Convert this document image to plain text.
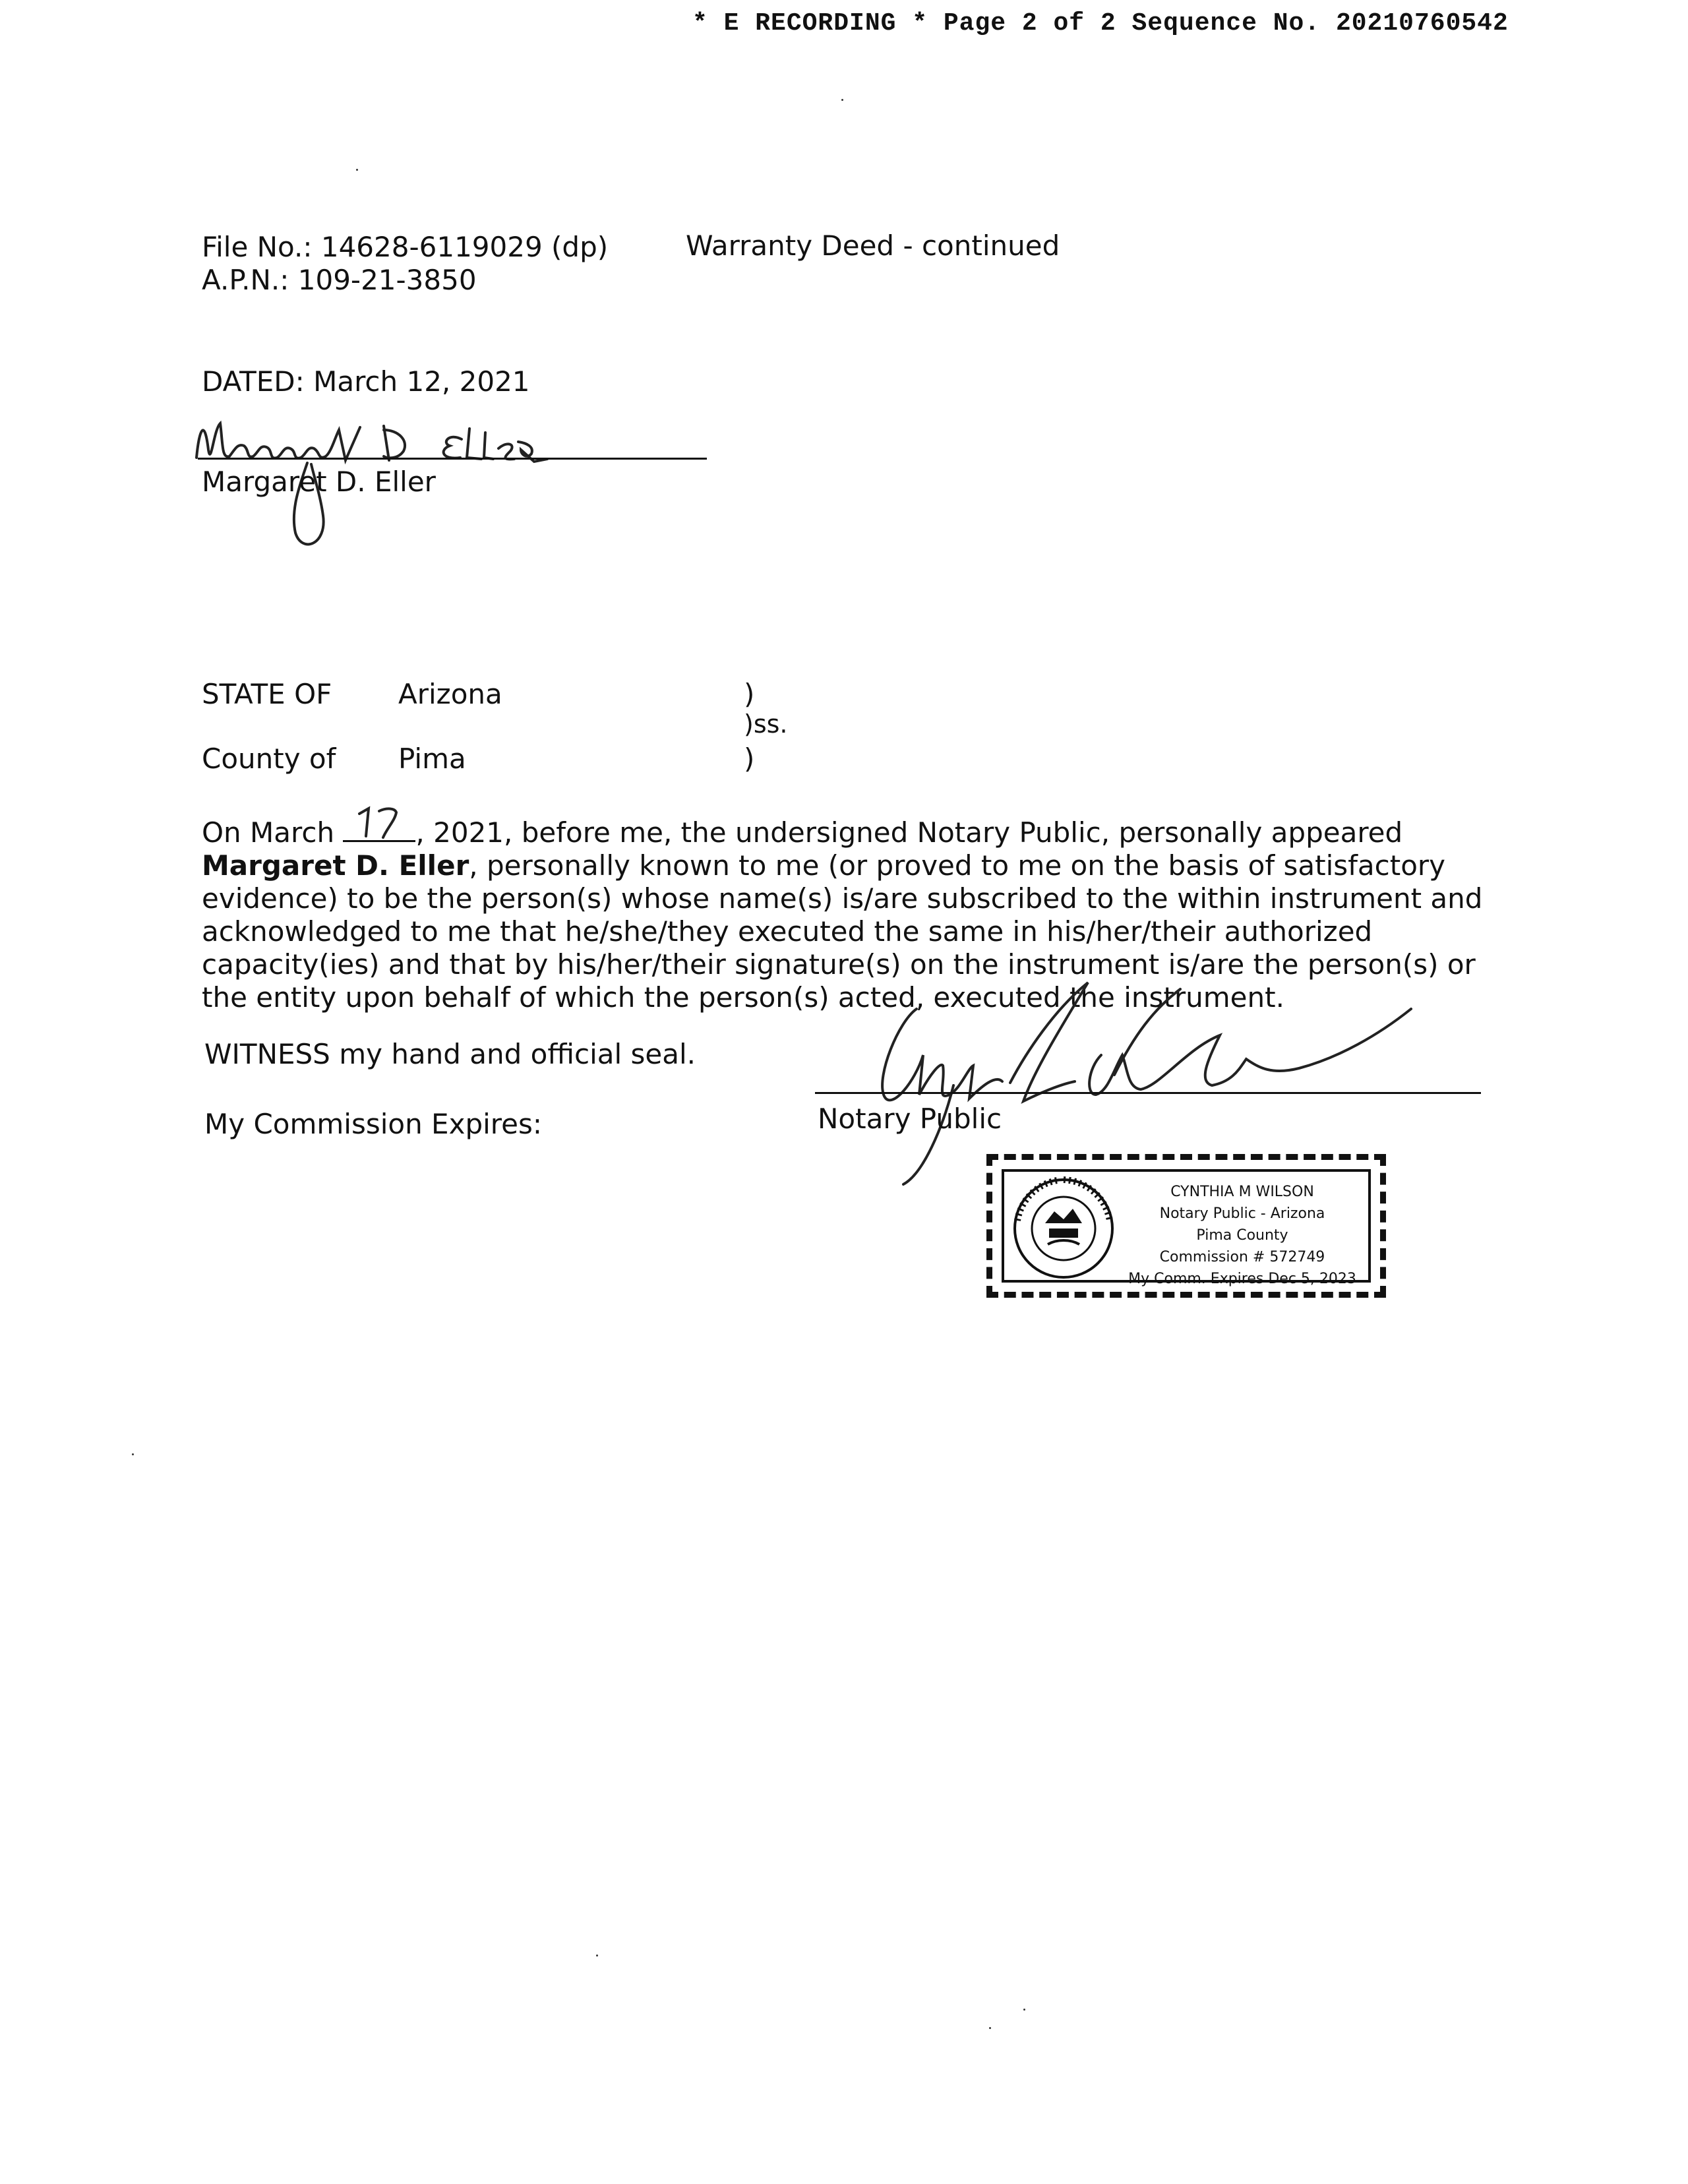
* E RECORDING * Page 2 of 2 Sequence No. 20210760542
File No.: 14628-6119029 (dp)
A.P.N.: 109-21-3850
Warranty Deed - continued
DATED: March 12, 2021
Margaret D. Eller
STATE OF Arizona	)
)ss.
County of Pima	)
On March	, 2021, before me, the undersigned Notary Public, personally appeared Margaret D. Eller, personally known to me (or proved to me on the basis of satisfactory evidence) to be the person(s) whose name(s) is/are subscribed to the within instrument and acknowledged to me that he/she/they executed the same in his/her/their authorized capacity(ies) and that by his/her/their signature(s) on the instrument is/are the person(s) or the entity upon behalf of which the person(s) acted, executed the instrument.
WITNESS my hand and official seal.
My Commission Expires:	Notary Public
CYNTHIA M WILSON
Notary Public - Arizona
Pima County
Commission # 572749
My Comm. Expires Dec 5, 2023
